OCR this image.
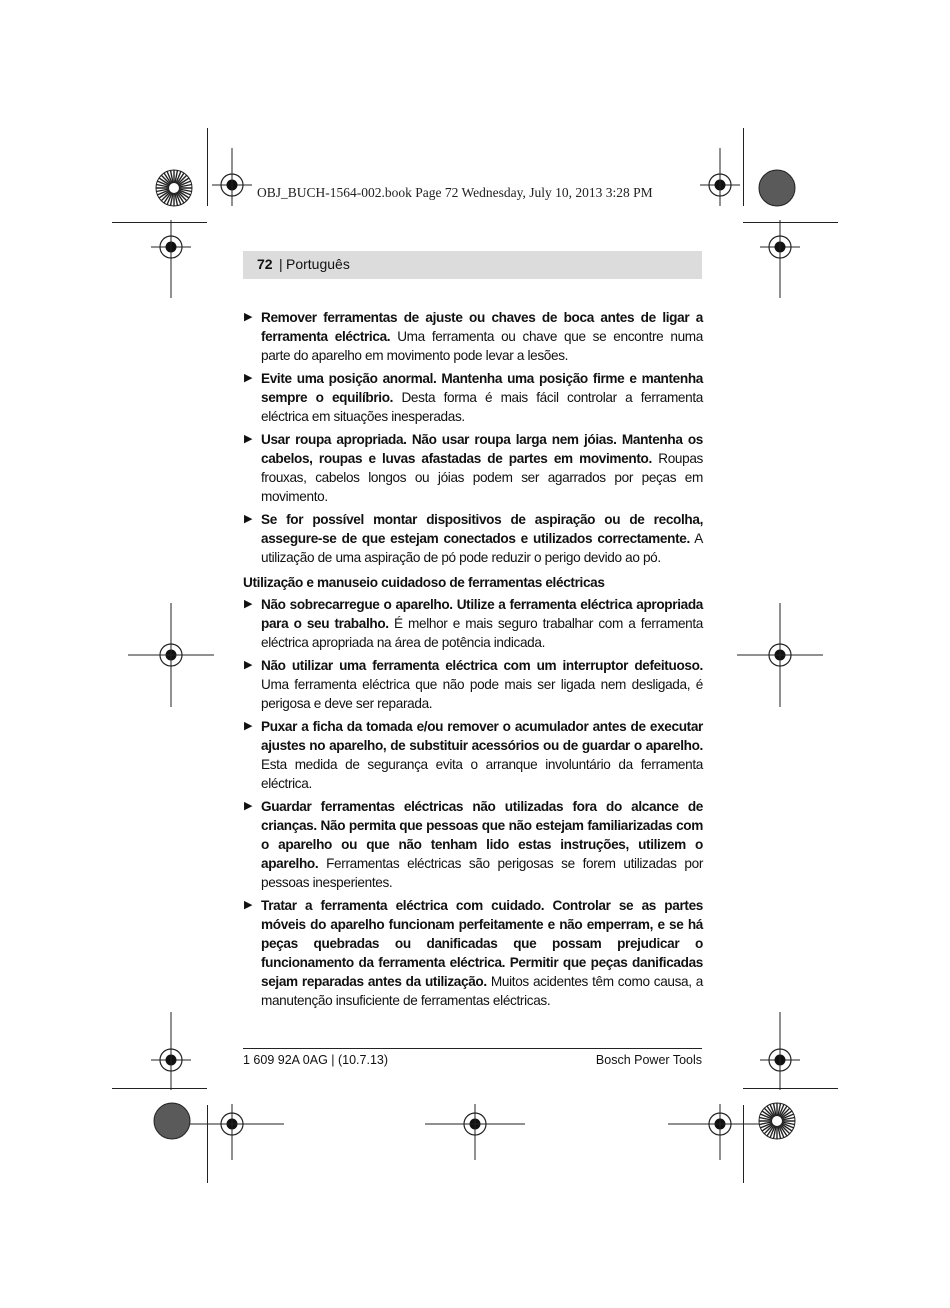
OBJ_BUCH-1564-002.book Page 72 Wednesday, July 10, 2013 3:28 PM
72 | Português
▶ Remover ferramentas de ajuste ou chaves de boca antes de ligar a ferramenta eléctrica. Uma ferramenta ou chave que se encontre numa parte do aparelho em movimento pode levar a lesões.
▶ Evite uma posição anormal. Mantenha uma posição firme e mantenha sempre o equilíbrio. Desta forma é mais fácil controlar a ferramenta eléctrica em situações inesperadas.
▶ Usar roupa apropriada. Não usar roupa larga nem jóias. Mantenha os cabelos, roupas e luvas afastadas de partes em movimento. Roupas frouxas, cabelos longos ou jóias podem ser agarrados por peças em movimento.
▶ Se for possível montar dispositivos de aspiração ou de recolha, assegure-se de que estejam conectados e utilizados correctamente. A utilização de uma aspiração de pó pode reduzir o perigo devido ao pó.
Utilização e manuseio cuidadoso de ferramentas eléctricas
▶ Não sobrecarregue o aparelho. Utilize a ferramenta eléctrica apropriada para o seu trabalho. É melhor e mais seguro trabalhar com a ferramenta eléctrica apropriada na área de potência indicada.
▶ Não utilizar uma ferramenta eléctrica com um interruptor defeituoso. Uma ferramenta eléctrica que não pode mais ser ligada nem desligada, é perigosa e deve ser reparada.
▶ Puxar a ficha da tomada e/ou remover o acumulador antes de executar ajustes no aparelho, de substituir acessórios ou de guardar o aparelho. Esta medida de segurança evita o arranque involuntário da ferramenta eléctrica.
▶ Guardar ferramentas eléctricas não utilizadas fora do alcance de crianças. Não permita que pessoas que não estejam familiarizadas com o aparelho ou que não tenham lido estas instruções, utilizem o aparelho. Ferramentas eléctricas são perigosas se forem utilizadas por pessoas inesperientes.
▶ Tratar a ferramenta eléctrica com cuidado. Controlar se as partes móveis do aparelho funcionam perfeitamente e não emperram, e se há peças quebradas ou danificadas que possam prejudicar o funcionamento da ferramenta eléctrica. Permitir que peças danificadas sejam reparadas antes da utilização. Muitos acidentes têm como causa, a manutenção insuficiente de ferramentas eléctricas.
1 609 92A 0AG | (10.7.13)	Bosch Power Tools
